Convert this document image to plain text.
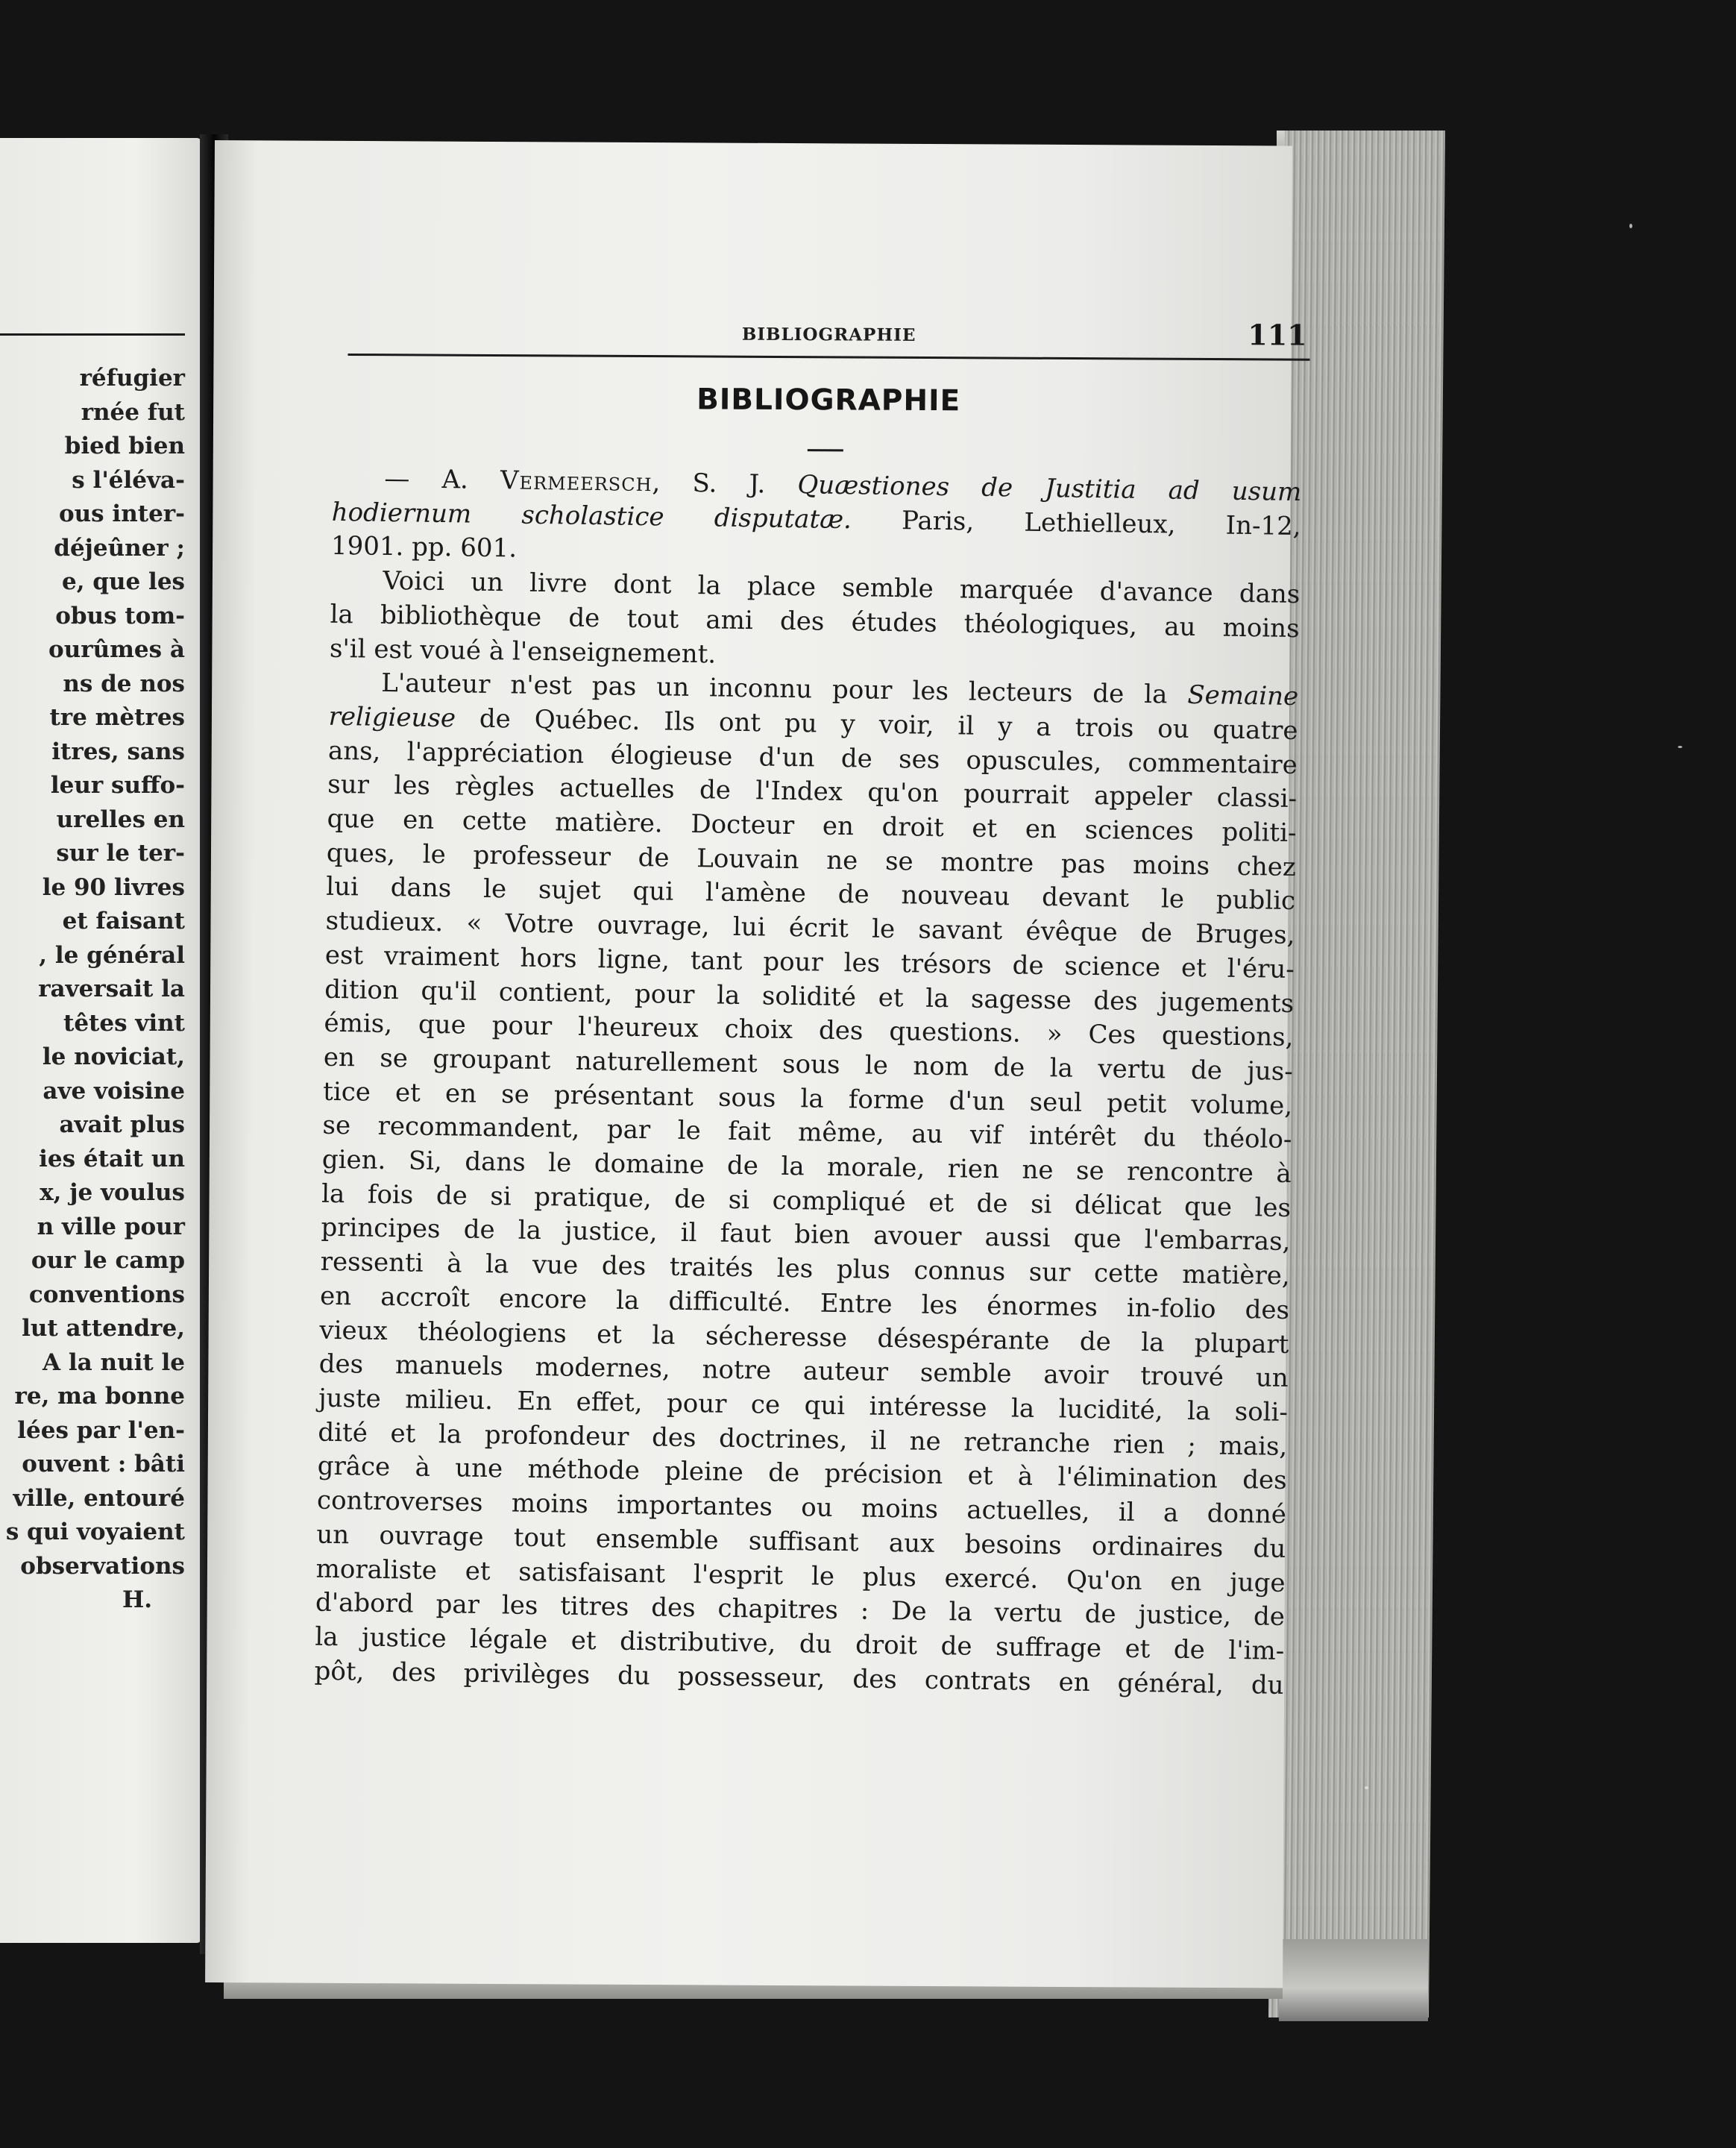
réfugier
rnée fut
bied bien
s l'éléva-
ous inter-
déjeûner ;
e, que les
obus tom-
ourûmes à
ns de nos
tre mètres
itres, sans
leur suffo-
urelles en
sur le ter-
le 90 livres
et faisant
, le général
raversait la
têtes vint
le noviciat,
ave voisine
avait plus
ies était un
x, je voulus
n ville pour
our le camp
conventions
lut attendre,
A la nuit le
re, ma bonne
lées par l'en-
ouvent : bâti
ville, entouré
s qui voyaient
observations
H.
BIBLIOGRAPHIE	111
BIBLIOGRAPHIE
— A. Vermeersch, S. J. Quæstiones de Justitia ad usum
hodiernum scholastice disputatæ. Paris, Lethielleux, In-12,
1901. pp. 601.
Voici un livre dont la place semble marquée d'avance dans
la bibliothèque de tout ami des études théologiques, au moins
s'il est voué à l'enseignement.
L'auteur n'est pas un inconnu pour les lecteurs de la Semaine
religieuse de Québec. Ils ont pu y voir, il y a trois ou quatre
ans, l'appréciation élogieuse d'un de ses opuscules, commentaire
sur les règles actuelles de l'Index qu'on pourrait appeler classi-
que en cette matière. Docteur en droit et en sciences politi-
ques, le professeur de Louvain ne se montre pas moins chez
lui dans le sujet qui l'amène de nouveau devant le public
studieux. « Votre ouvrage, lui écrit le savant évêque de Bruges,
est vraiment hors ligne, tant pour les trésors de science et l'éru-
dition qu'il contient, pour la solidité et la sagesse des jugements
émis, que pour l'heureux choix des questions. » Ces questions,
en se groupant naturellement sous le nom de la vertu de jus-
tice et en se présentant sous la forme d'un seul petit volume,
se recommandent, par le fait même, au vif intérêt du théolo-
gien. Si, dans le domaine de la morale, rien ne se rencontre à
la fois de si pratique, de si compliqué et de si délicat que les
principes de la justice, il faut bien avouer aussi que l'embarras,
ressenti à la vue des traités les plus connus sur cette matière,
en accroît encore la difficulté. Entre les énormes in-folio des
vieux théologiens et la sécheresse désespérante de la plupart
des manuels modernes, notre auteur semble avoir trouvé un
juste milieu. En effet, pour ce qui intéresse la lucidité, la soli-
dité et la profondeur des doctrines, il ne retranche rien ; mais,
grâce à une méthode pleine de précision et à l'élimination des
controverses moins importantes ou moins actuelles, il a donné
un ouvrage tout ensemble suffisant aux besoins ordinaires du
moraliste et satisfaisant l'esprit le plus exercé. Qu'on en juge
d'abord par les titres des chapitres : De la vertu de justice, de
la justice légale et distributive, du droit de suffrage et de l'im-
pôt, des privilèges du possesseur, des contrats en général, du
